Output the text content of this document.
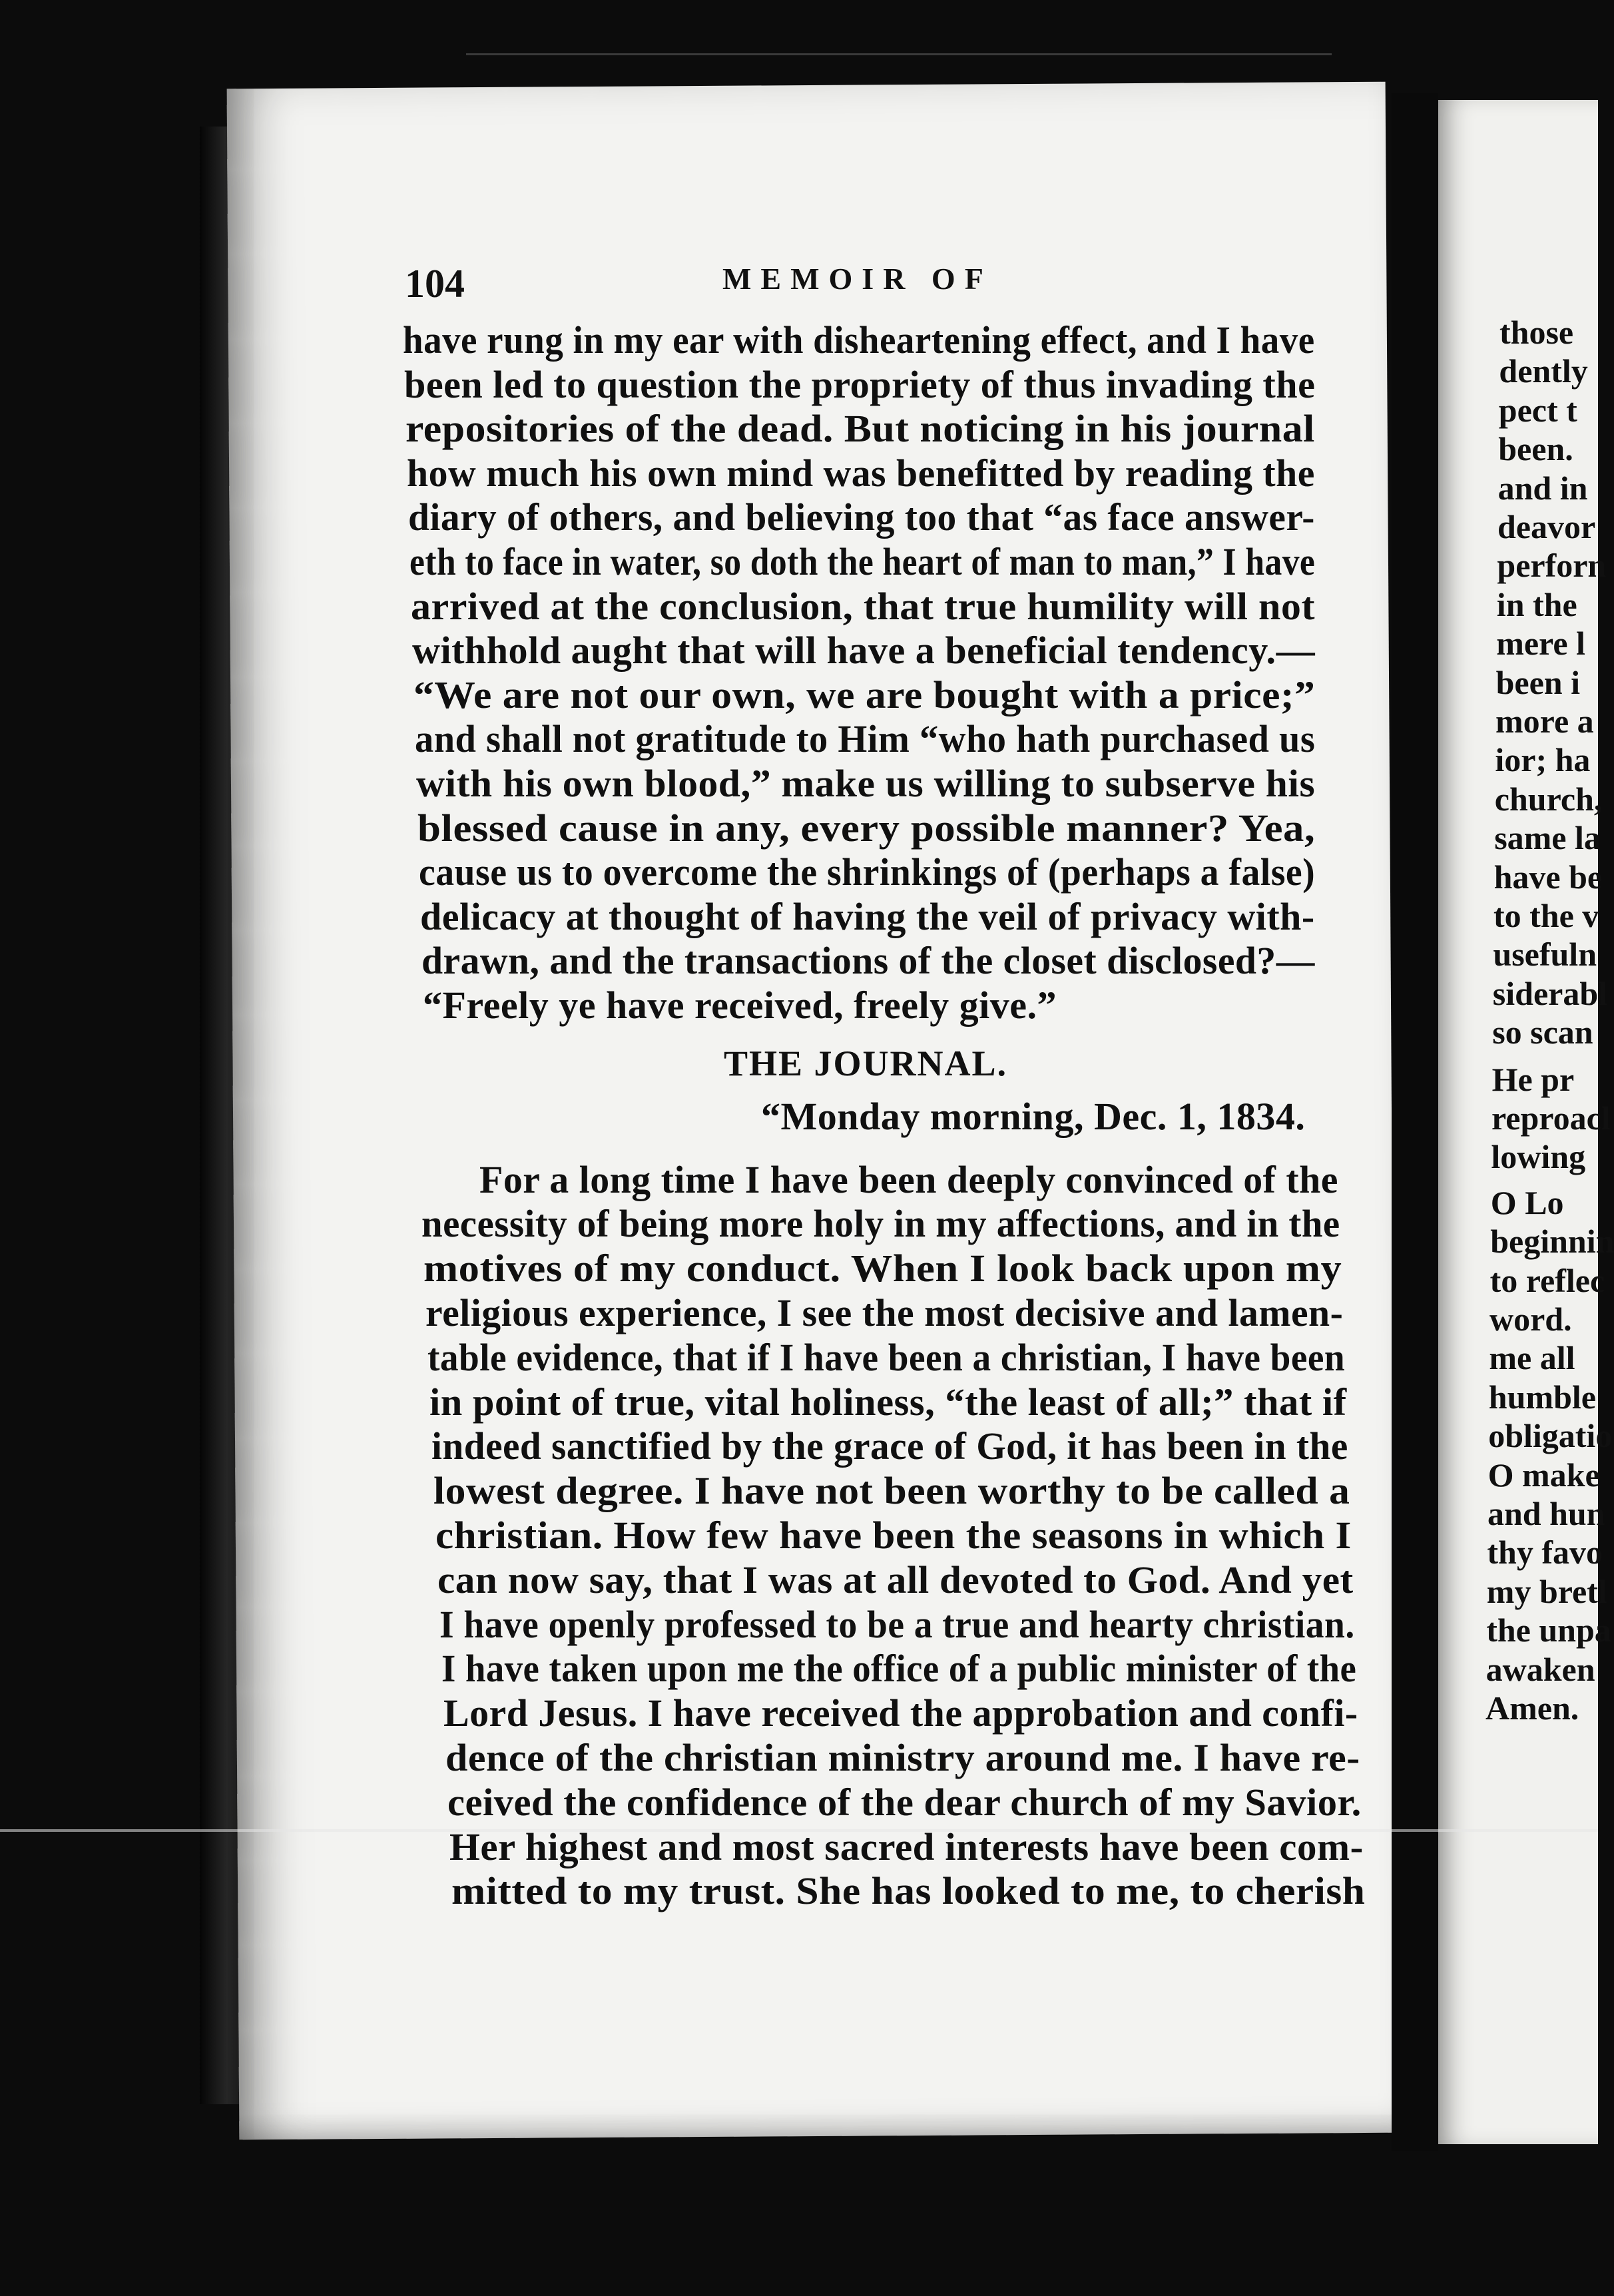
104	MEMOIR OF
have rung in my ear with disheartening effect, and I have
been led to question the propriety of thus invading the
repositories of the dead. But noticing in his journal
how much his own mind was benefitted by reading the
diary of others, and believing too that “as face answer-
eth to face in water, so doth the heart of man to man,” I have
arrived at the conclusion, that true humility will not
withhold aught that will have a beneficial tendency.—
“We are not our own, we are bought with a price;”
and shall not gratitude to Him “who hath purchased us
with his own blood,” make us willing to subserve his
blessed cause in any, every possible manner? Yea,
cause us to overcome the shrinkings of (perhaps a false)
delicacy at thought of having the veil of privacy with-
drawn, and the transactions of the closet disclosed?—
“Freely ye have received, freely give.”
THE JOURNAL.
“Monday morning, Dec. 1, 1834.
For a long time I have been deeply convinced of the
necessity of being more holy in my affections, and in the
motives of my conduct. When I look back upon my
religious experience, I see the most decisive and lamen-
table evidence, that if I have been a christian, I have been
in point of true, vital holiness, “the least of all;” that if
indeed sanctified by the grace of God, it has been in the
lowest degree. I have not been worthy to be called a
christian. How few have been the seasons in which I
can now say, that I was at all devoted to God. And yet
I have openly professed to be a true and hearty christian.
I have taken upon me the office of a public minister of the
Lord Jesus. I have received the approbation and confi-
dence of the christian ministry around me. I have re-
ceived the confidence of the dear church of my Savior.
Her highest and most sacred interests have been com-
mitted to my trust. She has looked to me, to cherish
those
dently
pect t
been.
and in
deavor
perforn
in the
mere l
been i
more a
ior; ha
church,
same la
have be
to the v
usefuln
siderabl
so scan
He pr
reproacl
lowing
O Lo
beginnin
to reflec
word.
me all
humble
obligatio
O make
and hun
thy favo
my bretl
the unpa
awaken
Amen.
